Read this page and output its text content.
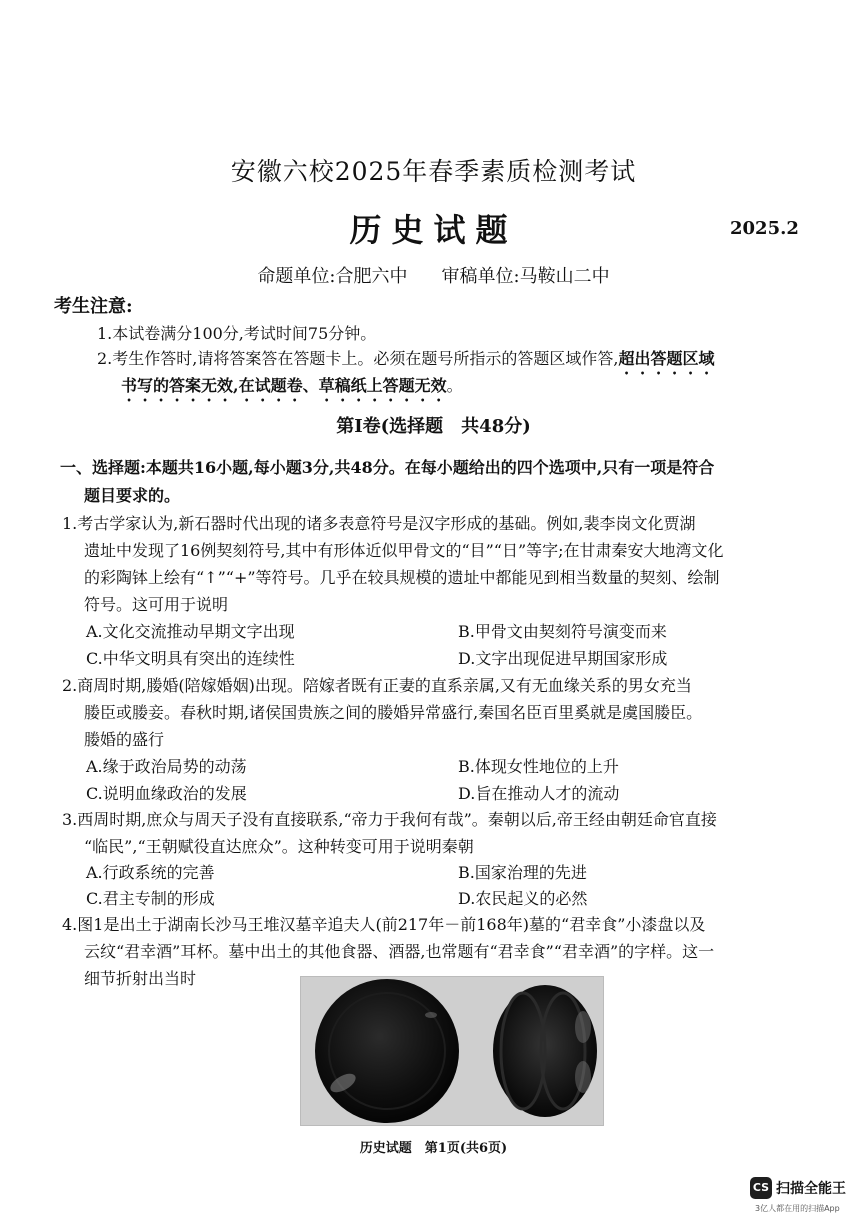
安徽六校2025年春季素质检测考试
历史试题	2025.2
命题单位:合肥六中 审稿单位:马鞍山二中
考生注意:
1.本试卷满分100分,考试时间75分钟。
2.考生作答时,请将答案答在答题卡上。必须在题号所指示的答题区域作答,超出答题区域
书写的答案无效,在试题卷、草稿纸上答题无效。
第Ⅰ卷(选择题　共48分)
一、选择题:本题共16小题,每小题3分,共48分。在每小题给出的四个选项中,只有一项是符合
题目要求的。
1.考古学家认为,新石器时代出现的诸多表意符号是汉字形成的基础。例如,裴李岗文化贾湖
遗址中发现了16例契刻符号,其中有形体近似甲骨文的“目”“日”等字;在甘肃秦安大地湾文化
的彩陶钵上绘有“↑”“+”等符号。几乎在较具规模的遗址中都能见到相当数量的契刻、绘制
符号。这可用于说明
A.文化交流推动早期文字出现	B.甲骨文由契刻符号演变而来
C.中华文明具有突出的连续性	D.文字出现促进早期国家形成
2.商周时期,媵婚(陪嫁婚姻)出现。陪嫁者既有正妻的直系亲属,又有无血缘关系的男女充当
媵臣或媵妾。春秋时期,诸侯国贵族之间的媵婚异常盛行,秦国名臣百里奚就是虞国媵臣。
媵婚的盛行
A.缘于政治局势的动荡	B.体现女性地位的上升
C.说明血缘政治的发展	D.旨在推动人才的流动
3.西周时期,庶众与周天子没有直接联系,“帝力于我何有哉”。秦朝以后,帝王经由朝廷命官直接
“临民”,“王朝赋役直达庶众”。这种转变可用于说明秦朝
A.行政系统的完善	B.国家治理的先进
C.君主专制的形成	D.农民起义的必然
4.图1是出土于湖南长沙马王堆汉墓辛追夫人(前217年－前168年)墓的“君幸食”小漆盘以及
云纹“君幸酒”耳杯。墓中出土的其他食器、酒器,也常题有“君幸食”“君幸酒”的字样。这一
细节折射出当时
历史试题　第1页(共6页)
CS 扫描全能王
3亿人都在用的扫描App
